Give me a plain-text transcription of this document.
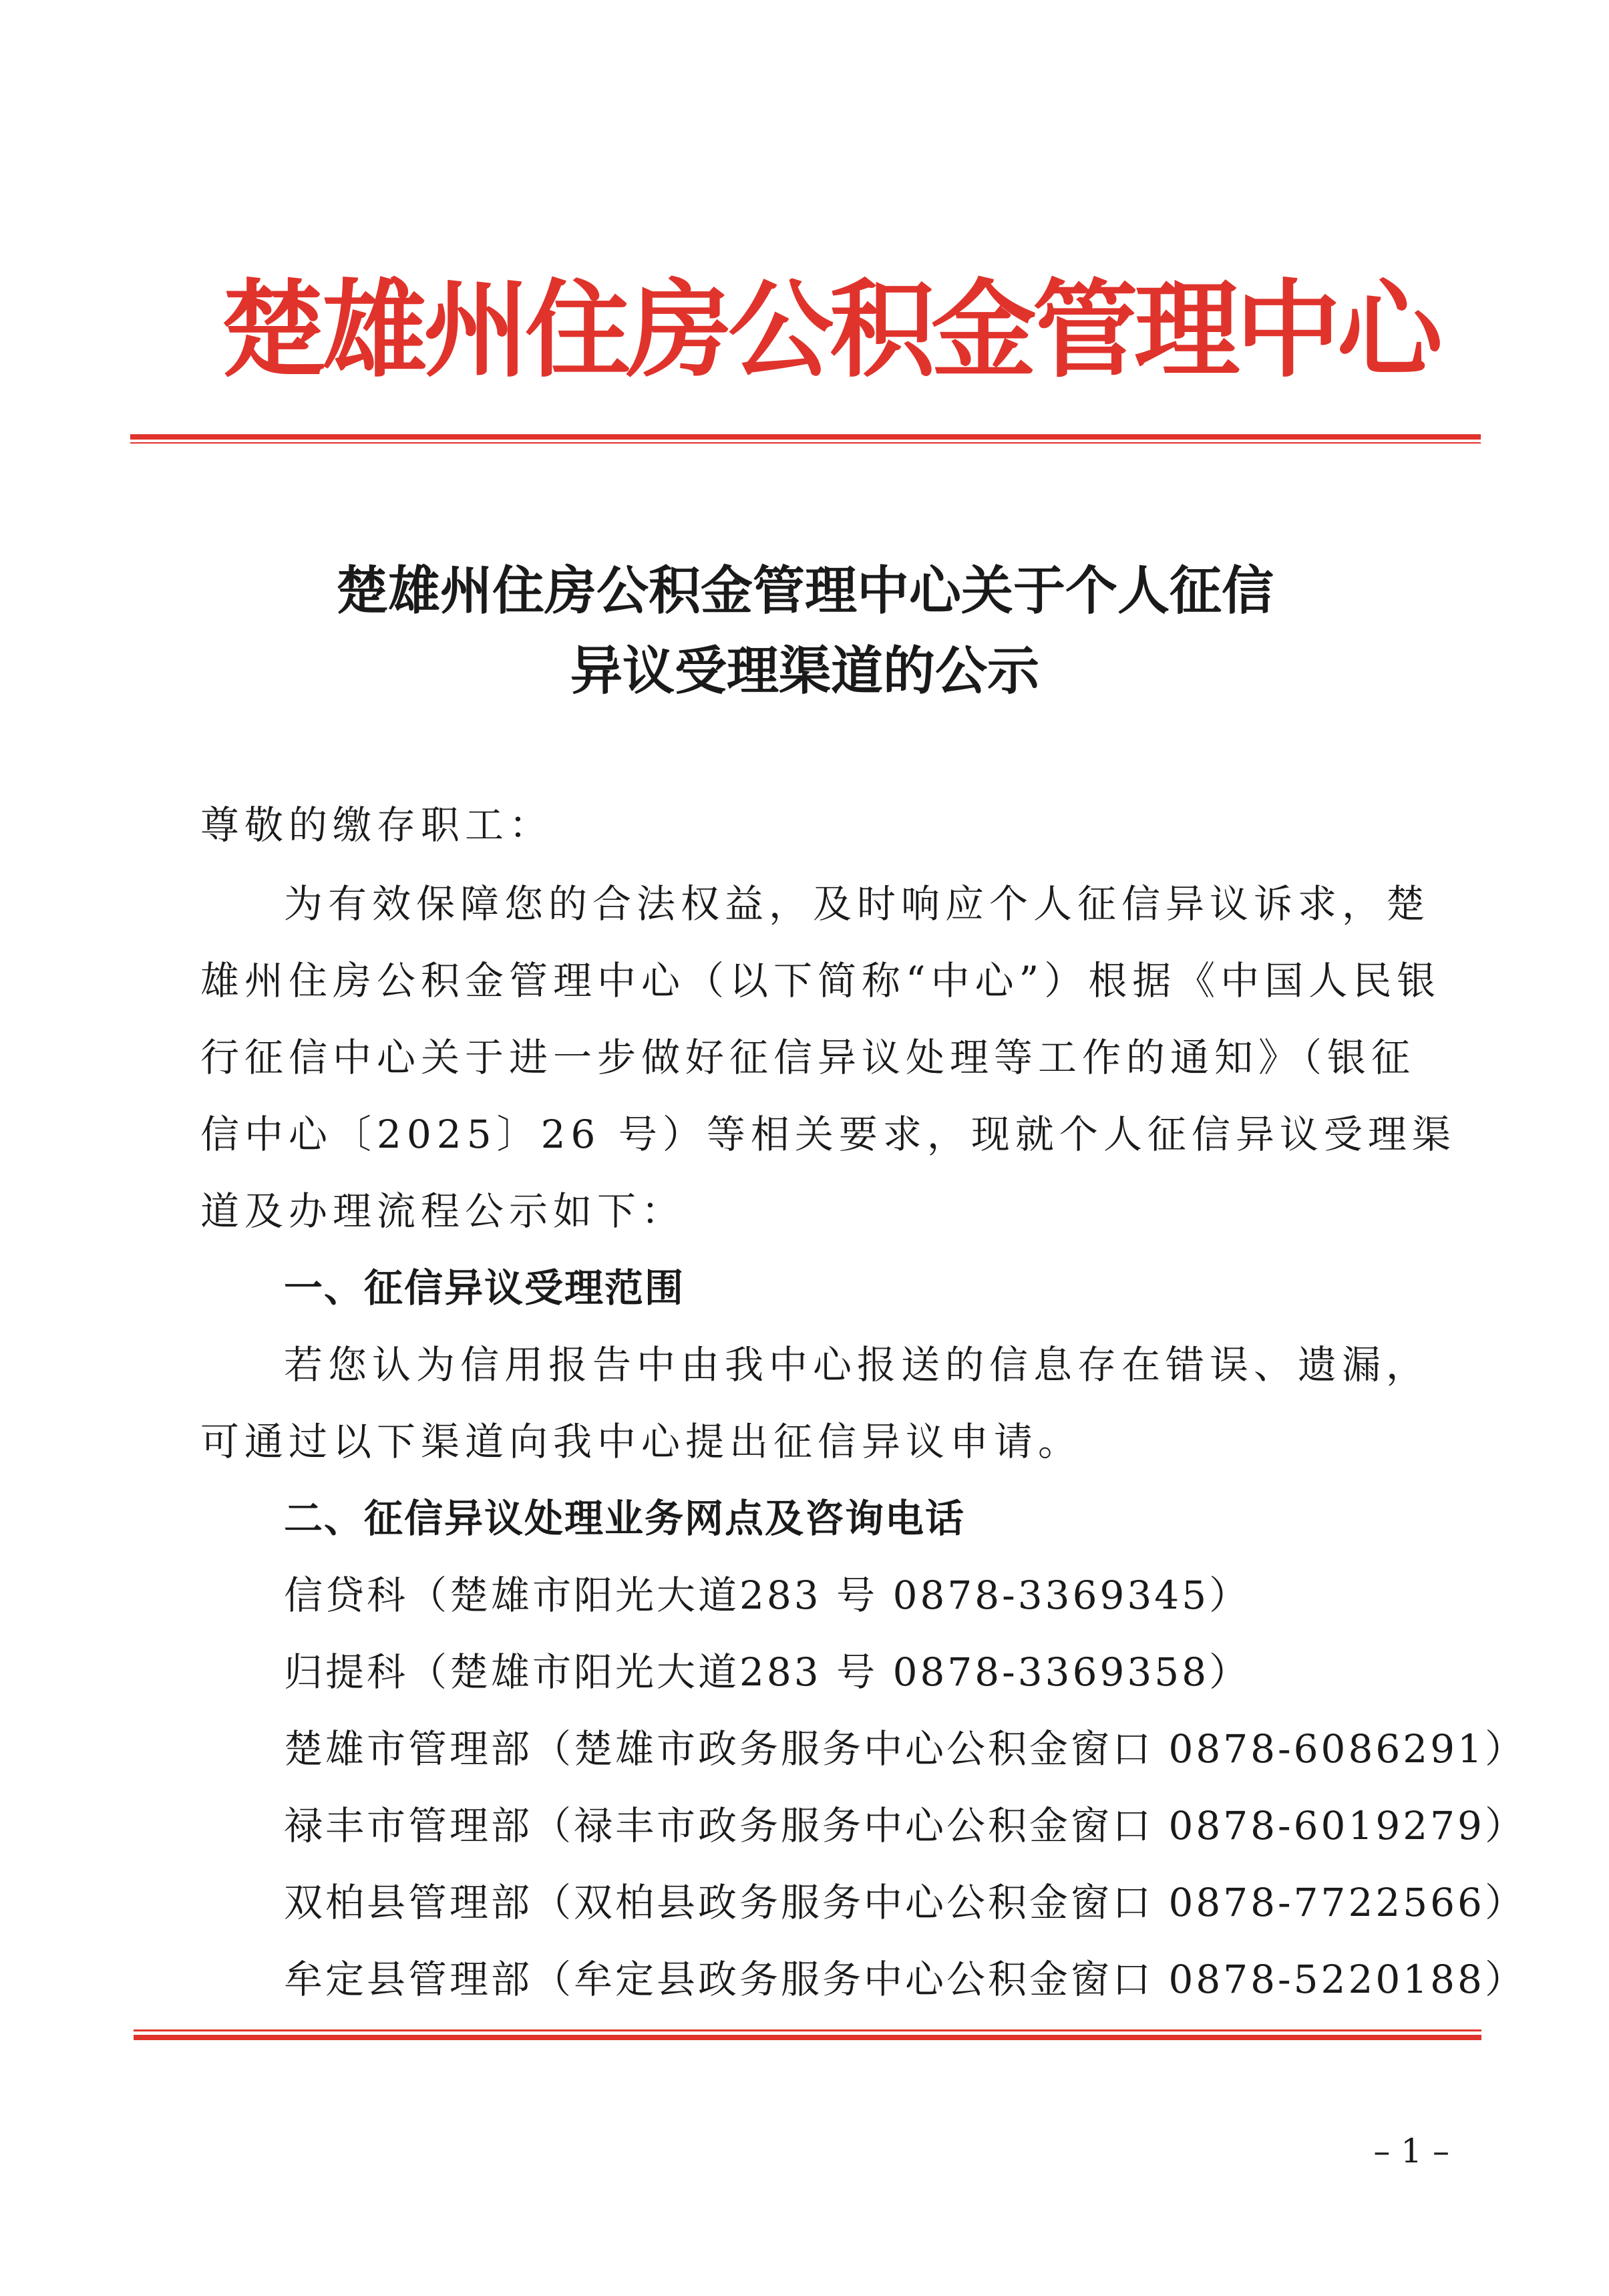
楚雄州住房公积金管理中心
楚雄州住房公积金管理中心关于个人征信
异议受理渠道的公示
尊敬的缴存职工：
为有效保障您的合法权益，及时响应个人征信异议诉求，楚
雄州住房公积金管理中心（以下简称“中心”）根据《中国人民银
行征信中心关于进一步做好征信异议处理等工作的通知》（银征
信中心〔2025〕26 号）等相关要求，现就个人征信异议受理渠
道及办理流程公示如下：
一、征信异议受理范围
若您认为信用报告中由我中心报送的信息存在错误、遗漏，
可通过以下渠道向我中心提出征信异议申请。
二、征信异议处理业务网点及咨询电话
信贷科（楚雄市阳光大道283 号 0878-3369345）
归提科（楚雄市阳光大道283 号 0878-3369358）
楚雄市管理部（楚雄市政务服务中心公积金窗口 0878-6086291）
禄丰市管理部（禄丰市政务服务中心公积金窗口 0878-6019279）
双柏县管理部（双柏县政务服务中心公积金窗口 0878-7722566）
牟定县管理部（牟定县政务服务中心公积金窗口 0878-5220188）
– 1 –
